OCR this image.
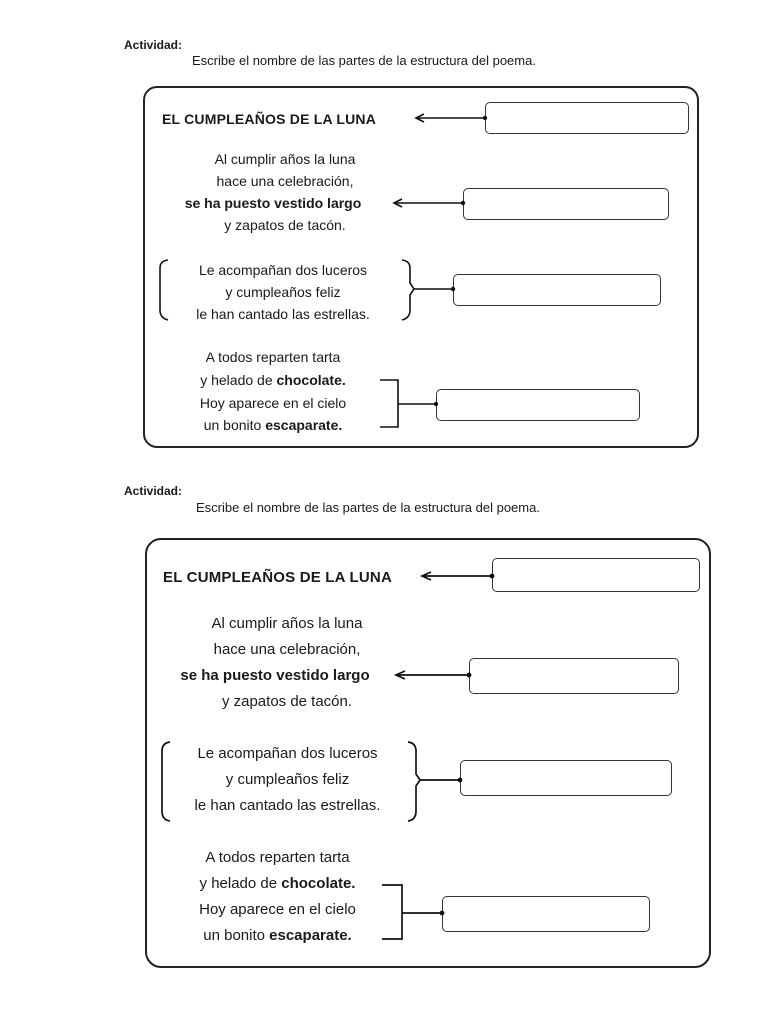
Actividad:
Escribe el nombre de las partes de la estructura del poema.
EL CUMPLEAÑOS DE LA LUNA
Al cumplir años la luna
hace una celebración,
se ha puesto vestido largo
y zapatos de tacón.
Le acompañan dos luceros
y cumpleaños feliz
le han cantado las estrellas.
A todos reparten tarta
y helado de chocolate.
Hoy aparece en el cielo
un bonito escaparate.
Actividad:
Escribe el nombre de las partes de la estructura del poema.
EL CUMPLEAÑOS DE LA LUNA
Al cumplir años la luna
hace una celebración,
se ha puesto vestido largo
y zapatos de tacón.
Le acompañan dos luceros
y cumpleaños feliz
le han cantado las estrellas.
A todos reparten tarta
y helado de chocolate.
Hoy aparece en el cielo
un bonito escaparate.
